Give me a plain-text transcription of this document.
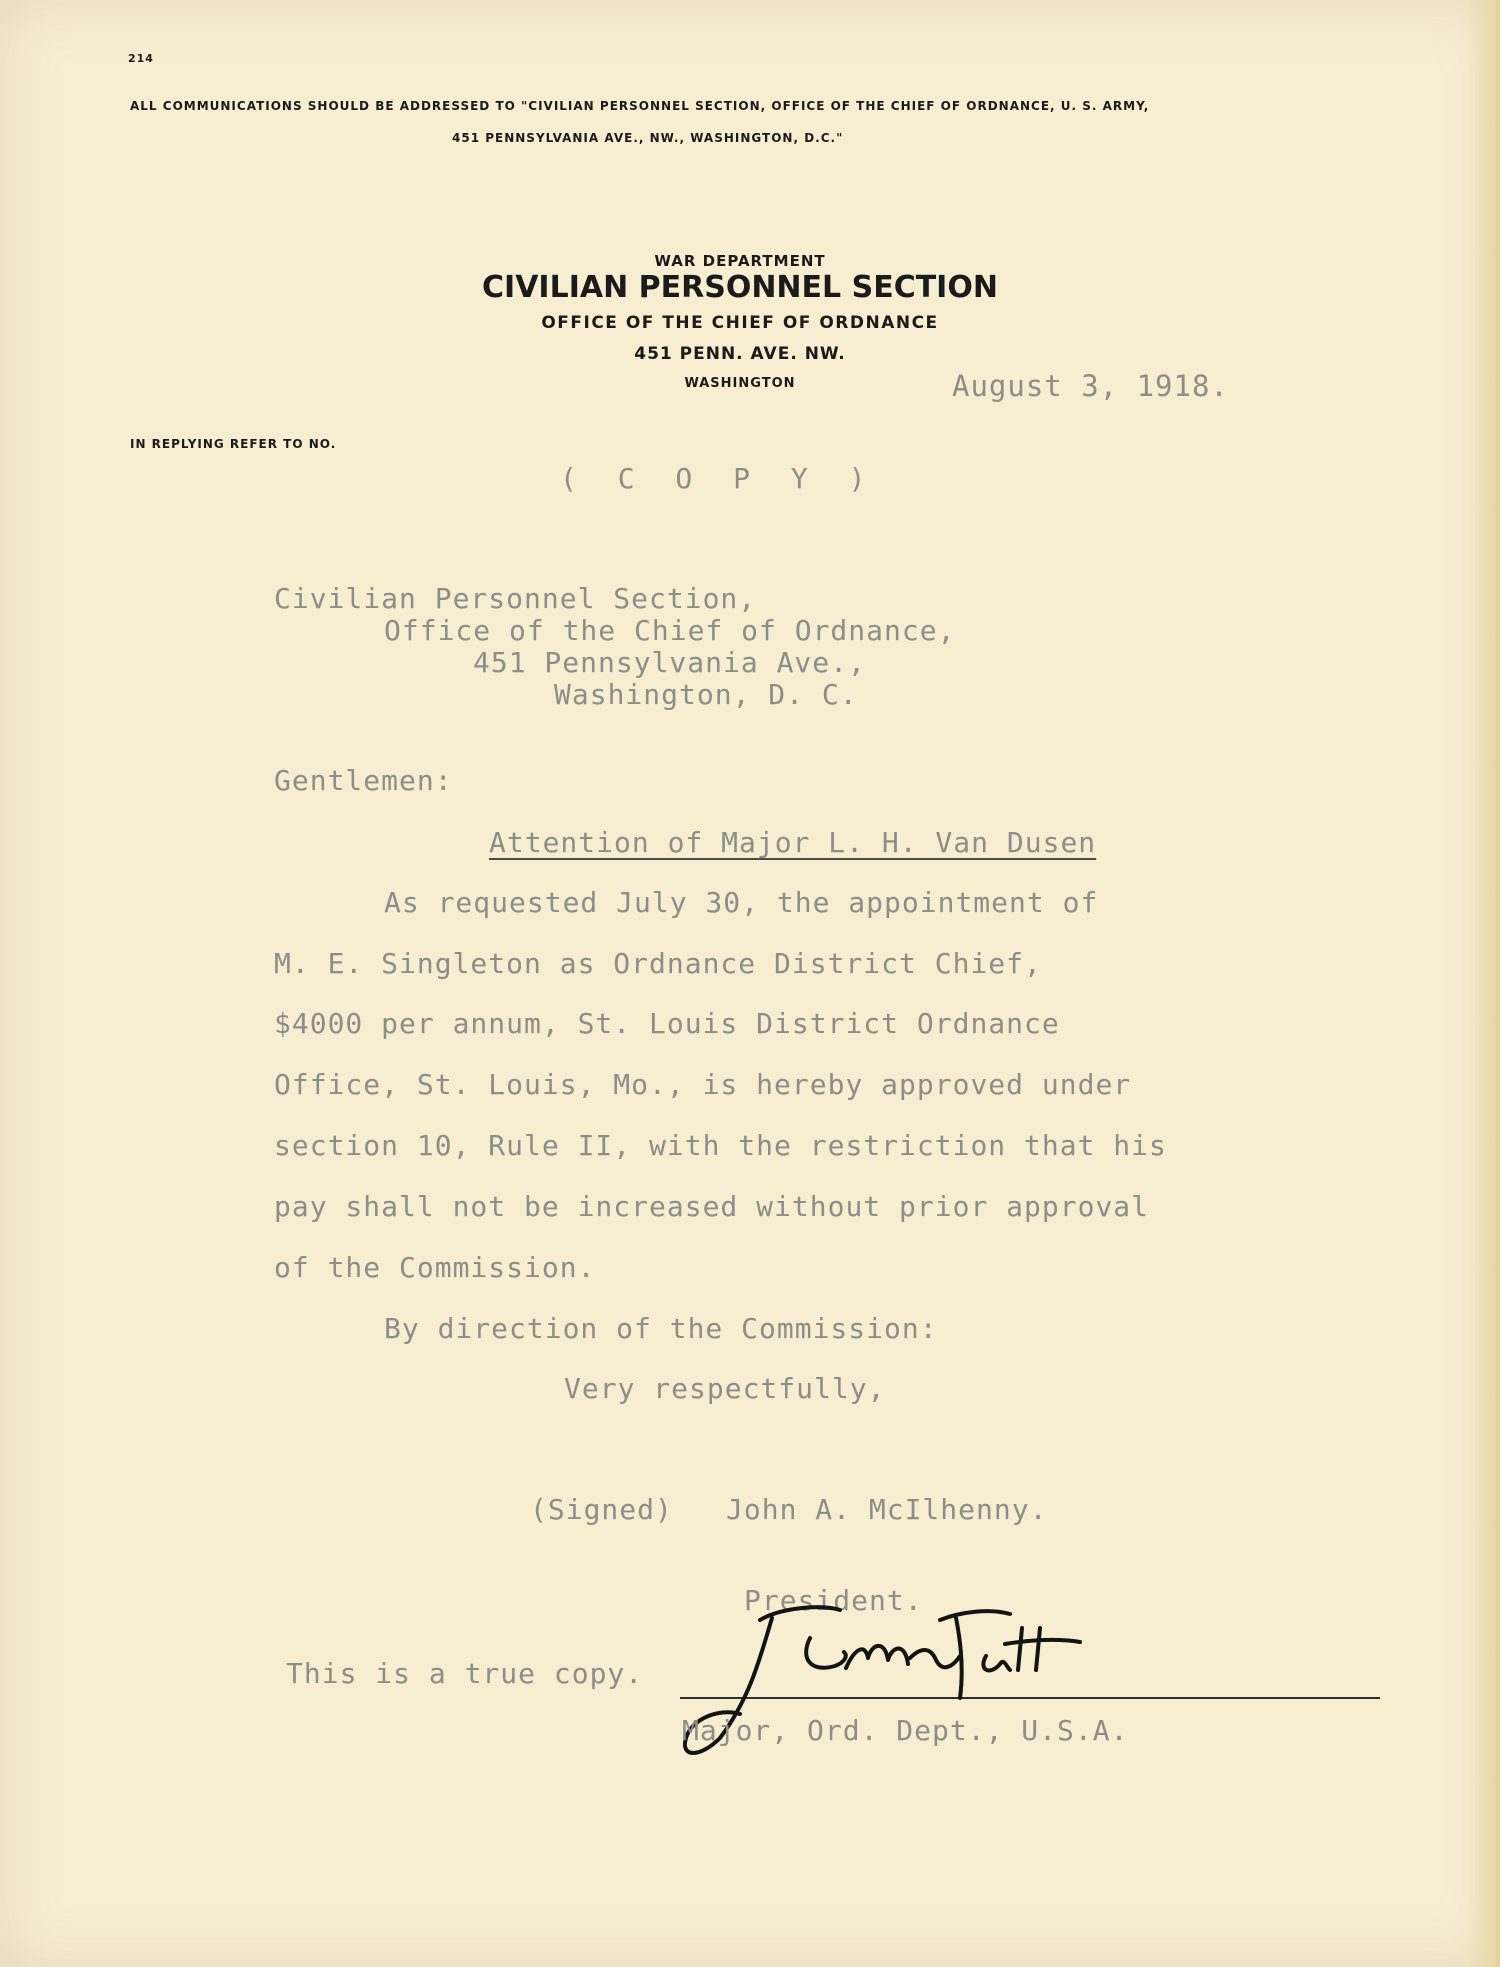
214
ALL COMMUNICATIONS SHOULD BE ADDRESSED TO "CIVILIAN PERSONNEL SECTION, OFFICE OF THE CHIEF OF ORDNANCE, U. S. ARMY,
451 PENNSYLVANIA AVE., NW., WASHINGTON, D.C."
WAR DEPARTMENT
CIVILIAN PERSONNEL SECTION
OFFICE OF THE CHIEF OF ORDNANCE
451 PENN. AVE. NW.
WASHINGTON
IN REPLYING REFER TO NO.
August 3, 1918.
( C O P Y )
Civilian Personnel Section,
Office of the Chief of Ordnance,
451 Pennsylvania Ave.,
Washington, D. C.
Gentlemen:
Attention of Major L. H. Van Dusen
As requested July 30, the appointment of
M. E. Singleton as Ordnance District Chief,
$4000 per annum, St. Louis District Ordnance
Office, St. Louis, Mo., is hereby approved under
section 10, Rule II, with the restriction that his
pay shall not be increased without prior approval
of the Commission.
By direction of the Commission:
Very respectfully,
(Signed) John A. McIlhenny.
President.
This is a true copy.
Major, Ord. Dept., U.S.A.
